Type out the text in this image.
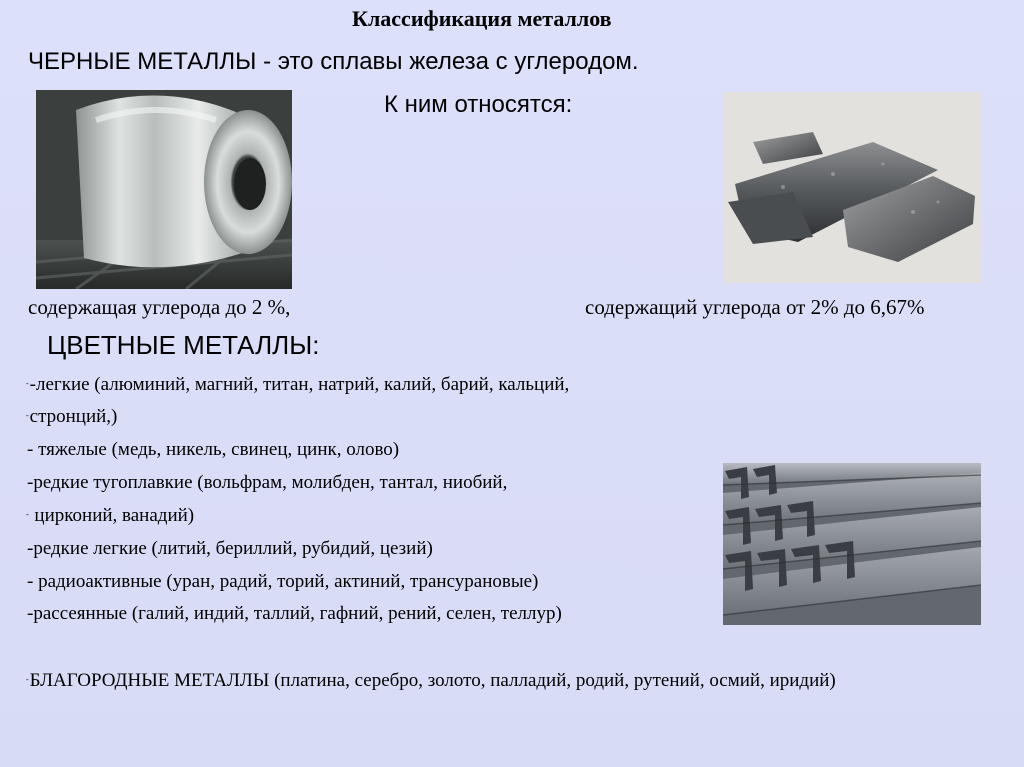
Классификация металлов
ЧЕРНЫЕ МЕТАЛЛЫ - это сплавы железа с углеродом.
К ним относятся:
содержащая углерода до 2 %,	содержащий углерода от 2% до 6,67%
ЦВЕТНЫЕ МЕТАЛЛЫ:
--легкие (алюминий, магний, титан, натрий, калий, барий, кальций,
-стронций,)
- тяжелые (медь, никель, свинец, цинк, олово)
-редкие тугоплавкие (вольфрам, молибден, тантал, ниобий,
- цирконий, ванадий)
-редкие легкие (литий, бериллий, рубидий, цезий)
- радиоактивные (уран, радий, торий, актиний, трансурановые)
-рассеянные (галий, индий, таллий, гафний, рений, селен, теллур)
-БЛАГОРОДНЫЕ МЕТАЛЛЫ (платина, серебро, золото, палладий, родий, рутений, осмий, иридий)
